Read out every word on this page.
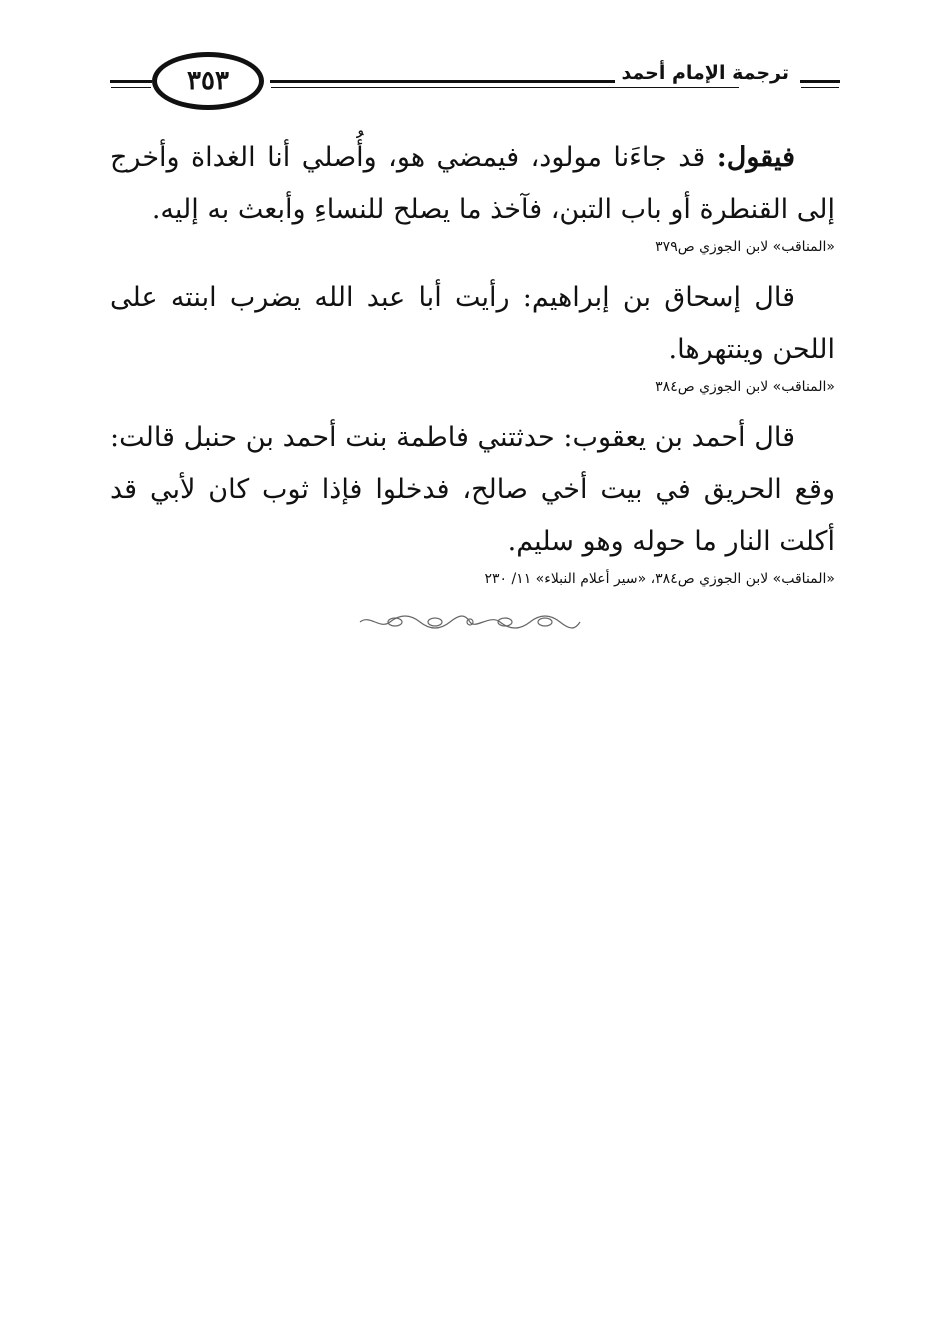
٣٥٣	ترجمة الإمام أحمد

فيقول: قد جاءَنا مولود، فيمضي هو، وأُصلي أنا الغداة وأخرج إلى القنطرة أو باب التبن، فآخذ ما يصلح للنساءِ وأبعث به إليه.

«المناقب» لابن الجوزي ص٣٧٩

قال إسحاق بن إبراهيم: رأيت أبا عبد الله يضرب ابنته على اللحن وينتهرها.

«المناقب» لابن الجوزي ص٣٨٤

قال أحمد بن يعقوب: حدثتني فاطمة بنت أحمد بن حنبل قالت: وقع الحريق في بيت أخي صالح، فدخلوا فإذا ثوب كان لأبي قد أكلت النار ما حوله وهو سليم.

«المناقب» لابن الجوزي ص٣٨٤، «سير أعلام النبلاء» ١١/ ٢٣٠
